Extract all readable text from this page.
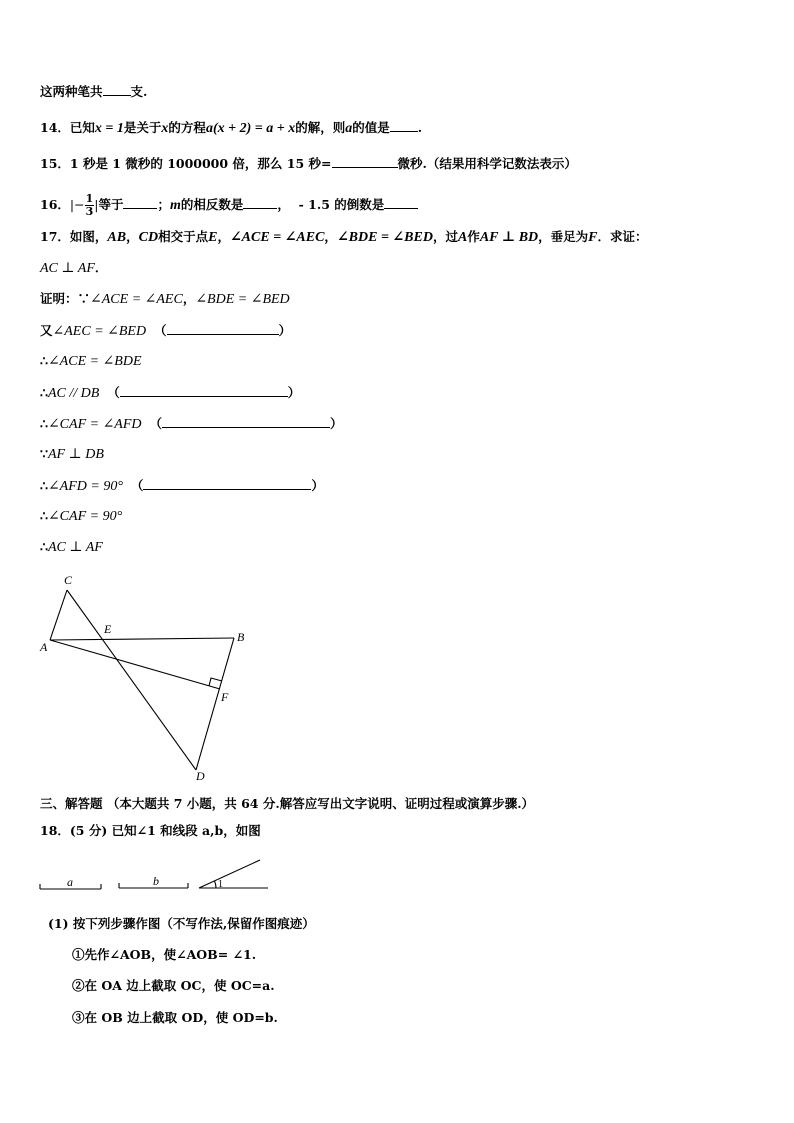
这两种笔共 支.
14．已知x = 1是关于x的方程a(x + 2) = a + x的解，则a的值是 .
15．1 秒是 1 微秒的 1000000 倍，那么 15 秒=	微秒.（结果用科学记数法表示）
16．|− $\frac{1}{3}$ |等于	；m的相反数是	， - 1.5 的倒数是
17．如图，AB，CD相交于点E，∠ACE = ∠AEC，∠BDE = ∠BED，过A作AF ⊥ BD，垂足为F．求证：
AC ⊥ AF．
证明：∵∠ACE = ∠AEC，∠BDE = ∠BED
又∠AEC = ∠BED （	）
∴∠ACE = ∠BDE
∴AC // DB （	）
∴∠CAF = ∠AFD （	）
∵AF ⊥ DB
∴∠AFD = 90° （	）
∴∠CAF = 90°
∴AC ⊥ AF
C
E
A
B
F
D
a	b	1
三、解答题 （本大题共 7 小题，共 64 分.解答应写出文字说明、证明过程或演算步骤.）
18．(5 分) 已知∠1 和线段 a,b，如图
(1) 按下列步骤作图（不写作法,保留作图痕迹）
①先作∠AOB，使∠AOB= ∠1.
②在 OA 边上截取 OC，使 OC=a.
③在 OB 边上截取 OD，使 OD=b.
